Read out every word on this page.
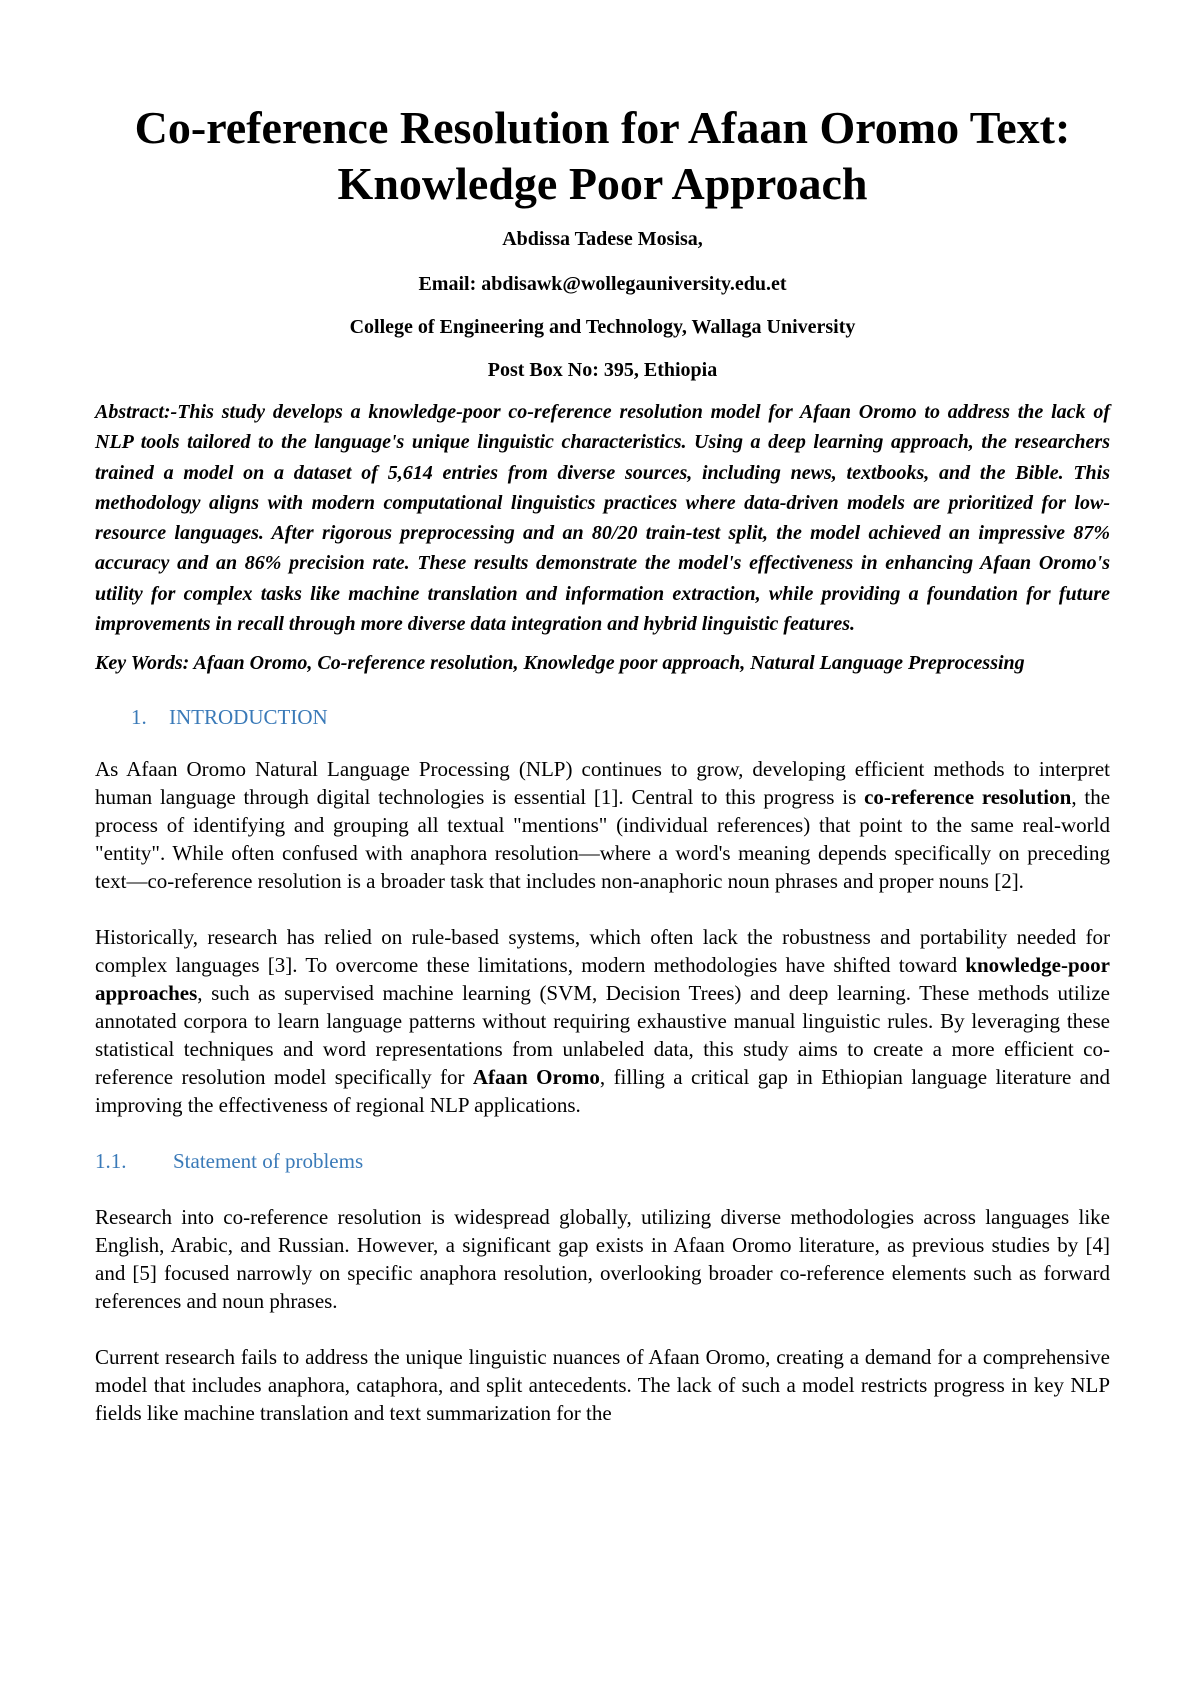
Co-reference Resolution for Afaan Oromo Text:
Knowledge Poor Approach

Abdissa Tadese Mosisa,

Email: abdisawk@wollegauniversity.edu.et

College of Engineering and Technology, Wallaga University

Post Box No: 395, Ethiopia

Abstract:-This study develops a knowledge-poor co-reference resolution model for Afaan Oromo to address the lack of NLP tools tailored to the language's unique linguistic characteristics. Using a deep learning approach, the researchers trained a model on a dataset of 5,614 entries from diverse sources, including news, textbooks, and the Bible. This methodology aligns with modern computational linguistics practices where data-driven models are prioritized for low-resource languages. After rigorous preprocessing and an 80/20 train-test split, the model achieved an impressive 87% accuracy and an 86% precision rate. These results demonstrate the model's effectiveness in enhancing Afaan Oromo's utility for complex tasks like machine translation and information extraction, while providing a foundation for future improvements in recall through more diverse data integration and hybrid linguistic features.

Key Words: Afaan Oromo, Co-reference resolution, Knowledge poor approach, Natural Language Preprocessing

1. INTRODUCTION

As Afaan Oromo Natural Language Processing (NLP) continues to grow, developing efficient methods to interpret human language through digital technologies is essential [1]. Central to this progress is co-reference resolution, the process of identifying and grouping all textual "mentions" (individual references) that point to the same real-world "entity". While often confused with anaphora resolution—where a word's meaning depends specifically on preceding text—co-reference resolution is a broader task that includes non-anaphoric noun phrases and proper nouns [2].

Historically, research has relied on rule-based systems, which often lack the robustness and portability needed for complex languages [3]. To overcome these limitations, modern methodologies have shifted toward knowledge-poor approaches, such as supervised machine learning (SVM, Decision Trees) and deep learning. These methods utilize annotated corpora to learn language patterns without requiring exhaustive manual linguistic rules. By leveraging these statistical techniques and word representations from unlabeled data, this study aims to create a more efficient co-reference resolution model specifically for Afaan Oromo, filling a critical gap in Ethiopian language literature and improving the effectiveness of regional NLP applications.

1.1. Statement of problems

Research into co-reference resolution is widespread globally, utilizing diverse methodologies across languages like English, Arabic, and Russian. However, a significant gap exists in Afaan Oromo literature, as previous studies by [4] and [5] focused narrowly on specific anaphora resolution, overlooking broader co-reference elements such as forward references and noun phrases.

Current research fails to address the unique linguistic nuances of Afaan Oromo, creating a demand for a comprehensive model that includes anaphora, cataphora, and split antecedents. The lack of such a model restricts progress in key NLP fields like machine translation and text summarization for the
